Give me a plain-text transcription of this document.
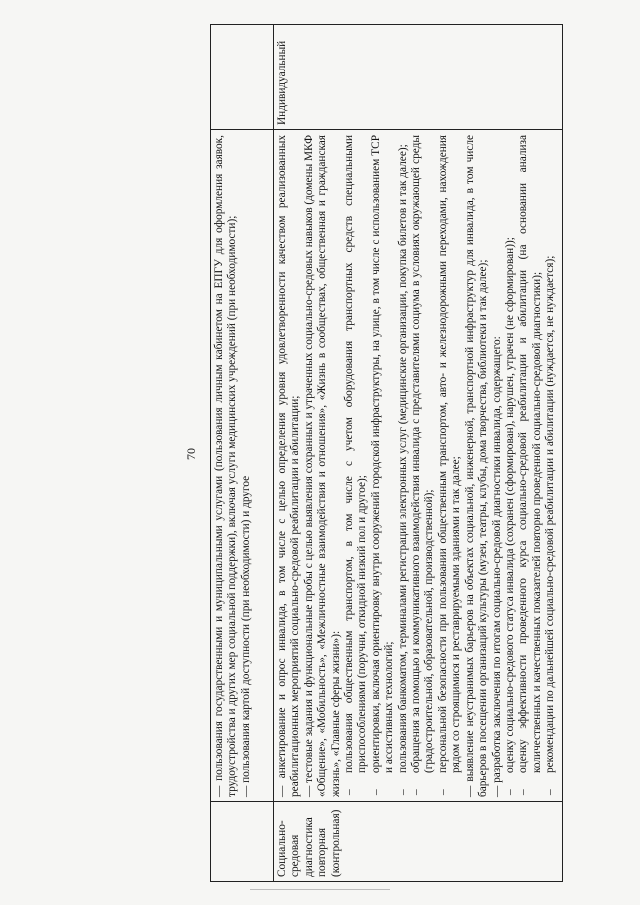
70 — пользования государственными и муниципальными услугами (пользования личным кабинетом на ЕПГУ для оформления заявок, трудоустройства и других мер социальной поддержки), включая услуги медицинских учреждений (при необходимости); — пользования картой доступности (при необходимости) и другое

Социально-средовая диагностика повторная (контрольная)

— анкетирование и опрос инвалида, в том числе с целью определения уровня удовлетворенности качеством реализованных реабилитационных мероприятий социально-средовой реабилитации и абилитации; — тестовые задания и функциональные пробы с целью выявления сохранных и утраченных социально-средовых навыков (домены МКФ «Общение», «Мобильность», «Межличностные взаимодействия и отношения», «Жизнь в сообществах, общественная и гражданская жизнь», «Главные сферы жизни»): –
пользования общественным транспортом, в том числе с учетом оборудования транспортных средств специальными приспособлениями (поручни, откидной низкий пол и другое);

–
ориентировки, включая ориентировку внутри сооружений городской инфраструктуры, на улице, в том числе с использованием ТСР и ассистивных технологий;

–
пользования банкоматом, терминалами регистрации электронных услуг (медицинские организации, покупка билетов и так далее);

–
обращения за помощью и коммуникативного взаимодействия инвалида с представителями социума в условиях окружающей среды (градостроительной, образовательной, производственной);

–
персональной безопасности при пользовании общественным транспортом, авто- и железнодорожными переходами, нахождения рядом со строящимися и реставрируемыми зданиями и так далее; — выявление неустранимых барьеров на объектах социальной, инженерной, транспортной инфраструктур для инвалида, в том числе барьеров в посещении организаций культуры (музеи, театры, клубы, дома творчества, библиотеки и так далее); — разработка заключения по итогам социально-средовой диагностики инвалида, содержащего: –
оценку социально-средового статуса инвалида (сохранен (сформирован), нарушен, утрачен (не сформирован));

–
оценку эффективности проведенного курса социально-средовой реабилитации и абилитации (на основании анализа количественных и качественных показателей повторно проведенной социально-средовой диагностики);

–
рекомендации по дальнейшей социально-средовой реабилитации и абилитации (нуждается, не нуждается);

Индивидуальный
